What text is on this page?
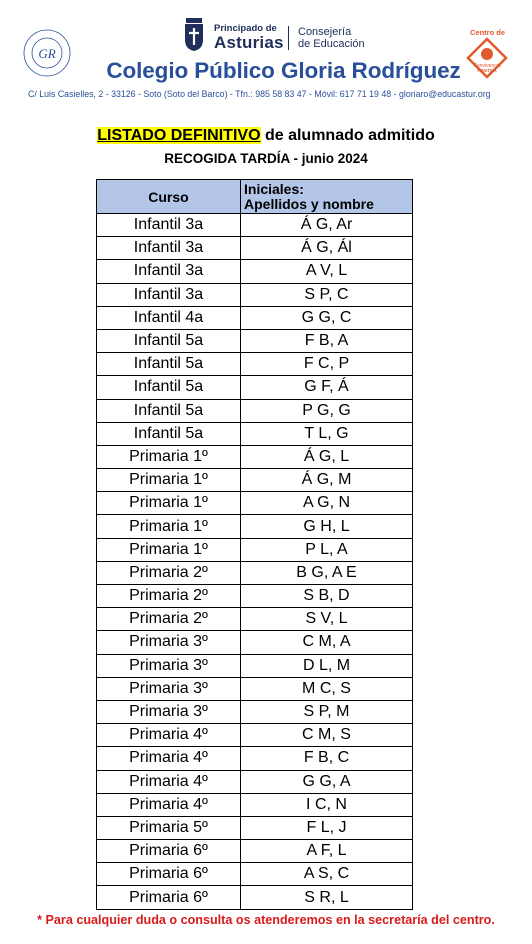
GR
Principado de
Asturias
Consejería
de Educación
Centro de
Convivencia
POSITIVA
Colegio Público Gloria Rodríguez
C/ Luis Casielles, 2 - 33126 - Soto (Soto del Barco) - Tfn.: 985 58 83 47 - Móvil: 617 71 19 48 - gloriaro@educastur.org
LISTADO DEFINITIVO de alumnado admitido
RECOGIDA TARDÍA - junio 2024
Curso	Iniciales:
Apellidos y nombre

Infantil 3a	Á G, Ar
Infantil 3a	Á G, Ál
Infantil 3a	A V, L
Infantil 3a	S P, C
Infantil 4a	G G, C
Infantil 5a	F B, A
Infantil 5a	F C, P
Infantil 5a	G F, Á
Infantil 5a	P G, G
Infantil 5a	T L, G
Primaria 1º	Á G, L
Primaria 1º	Á G, M
Primaria 1º	A G, N
Primaria 1º	G H, L
Primaria 1º	P L, A
Primaria 2º	B G, A E
Primaria 2º	S B, D
Primaria 2º	S V, L
Primaria 3º	C M, A
Primaria 3º	D L, M
Primaria 3º	M C, S
Primaria 3º	S P, M
Primaria 4º	C M, S
Primaria 4º	F B, C
Primaria 4º	G G, A
Primaria 4º	I C, N
Primaria 5º	F L, J
Primaria 6º	A F, L
Primaria 6º	A S, C
Primaria 6º	S R, L
* Para cualquier duda o consulta os atenderemos en la secretaría del centro.
